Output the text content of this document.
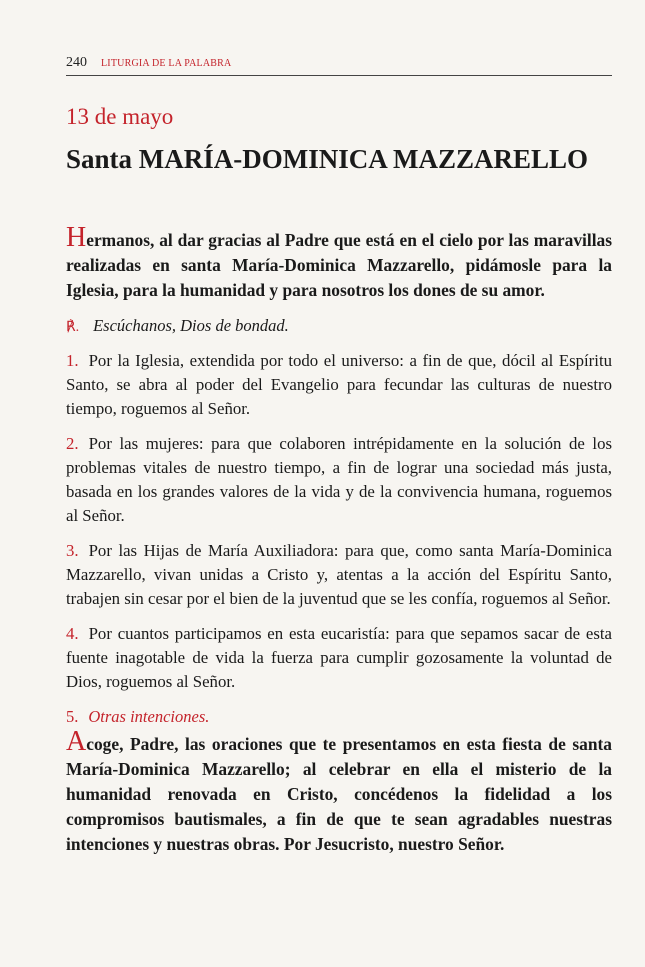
240 LITURGIA DE LA PALABRA
13 de mayo
Santa MARÍA-DOMINICA MAZZARELLO

Hermanos, al dar gracias al Padre que está en el cielo por las maravillas realizadas en santa María-Dominica Mazzarello, pidámosle para la Iglesia, para la humanidad y para nosotros los dones de su amor.

℟. Escúchanos, Dios de bondad.

1. Por la Iglesia, extendida por todo el universo: a fin de que, dócil al Espíritu Santo, se abra al poder del Evangelio para fecundar las culturas de nuestro tiempo, roguemos al Señor.

2. Por las mujeres: para que colaboren intrépidamente en la solución de los problemas vitales de nuestro tiempo, a fin de lograr una sociedad más justa, basada en los grandes valores de la vida y de la convivencia humana, roguemos al Señor.

3. Por las Hijas de María Auxiliadora: para que, como santa María-Dominica Mazzarello, vivan unidas a Cristo y, atentas a la acción del Espíritu Santo, trabajen sin cesar por el bien de la juventud que se les confía, roguemos al Señor.

4. Por cuantos participamos en esta eucaristía: para que sepamos sacar de esta fuente inagotable de vida la fuerza para cumplir gozosamente la voluntad de Dios, roguemos al Señor.

5. Otras intenciones.

Acoge, Padre, las oraciones que te presentamos en esta fiesta de santa María-Dominica Mazzarello; al celebrar en ella el misterio de la humanidad renovada en Cristo, concédenos la fidelidad a los compromisos bautismales, a fin de que te sean agradables nuestras intenciones y nuestras obras. Por Jesucristo, nuestro Señor.
